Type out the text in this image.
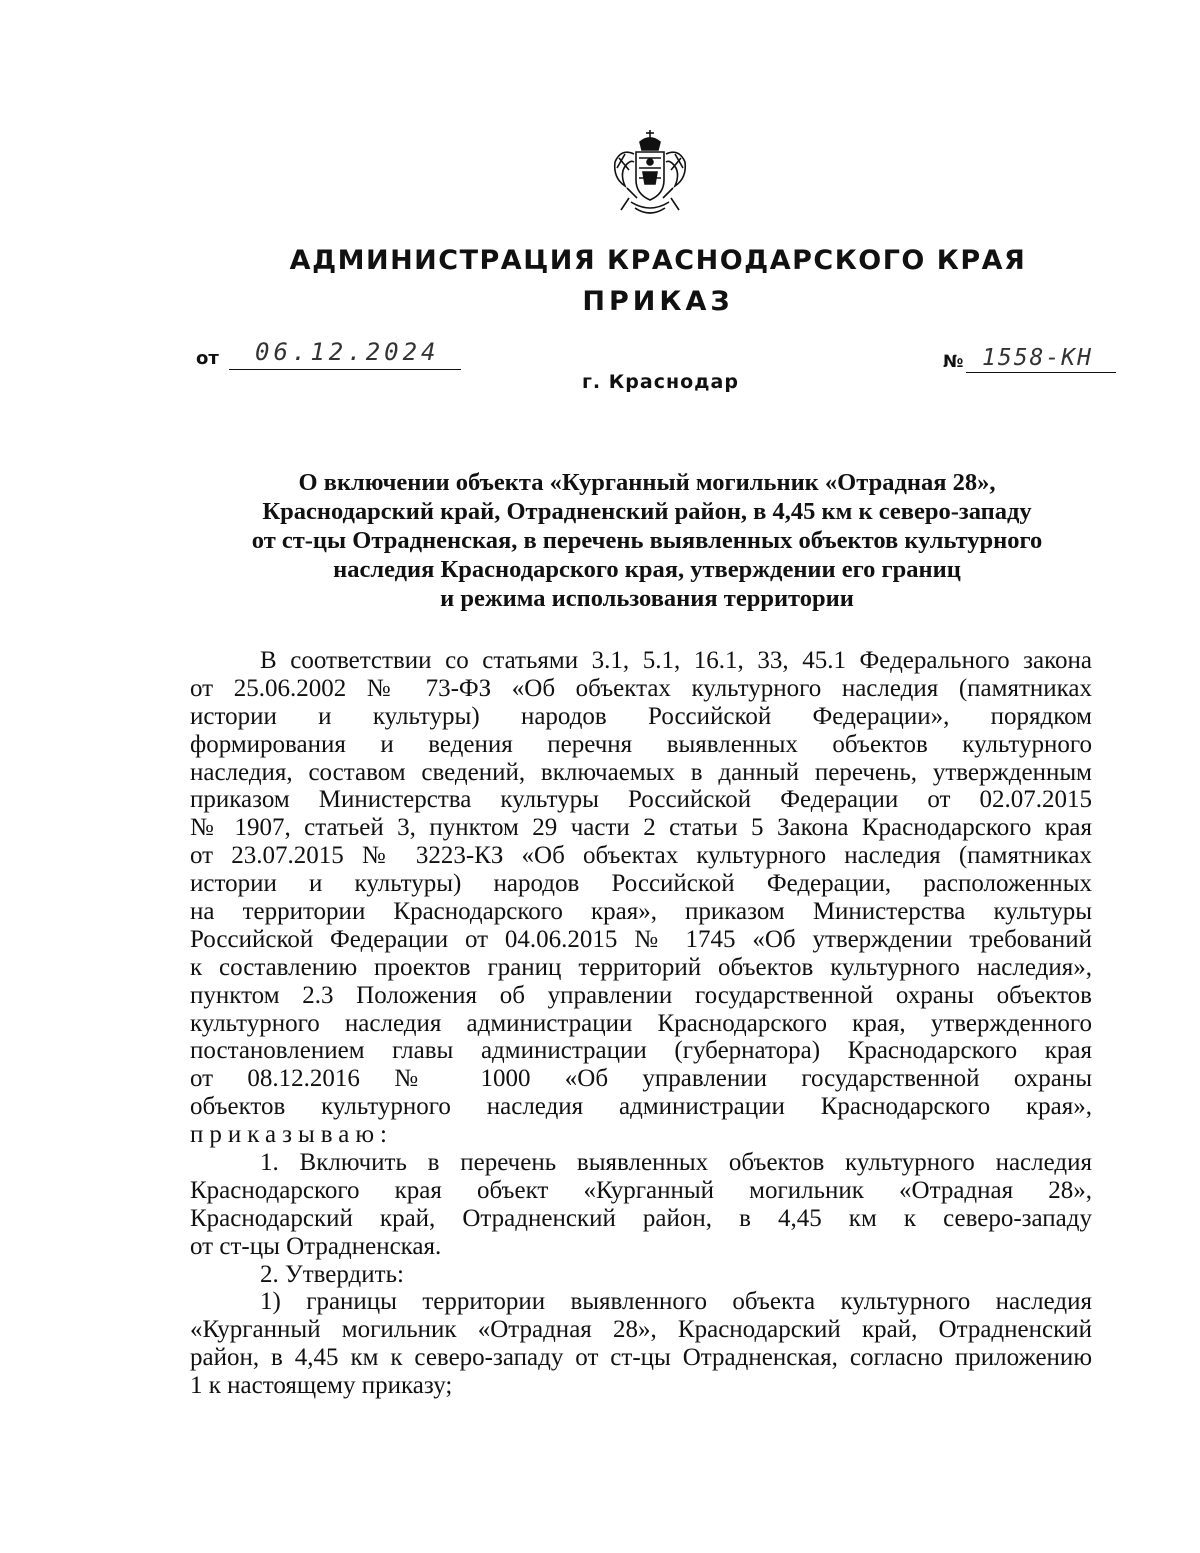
АДМИНИСТРАЦИЯ КРАСНОДАРСКОГО КРАЯ
ПРИКАЗ
от 06.12.2024	№ 1558-КН
г. Краснодар
О включении объекта «Курганный могильник «Отрадная 28»,
Краснодарский край, Отрадненский район, в 4,45 км к северо-западу
от ст-цы Отрадненская, в перечень выявленных объектов культурного
наследия Краснодарского края, утверждении его границ
и режима использования территории
В соответствии со статьями 3.1, 5.1, 16.1, 33, 45.1 Федерального закона
от 25.06.2002 № 73-ФЗ «Об объектах культурного наследия (памятниках
истории и культуры) народов Российской Федерации», порядком
формирования и ведения перечня выявленных объектов культурного
наследия, составом сведений, включаемых в данный перечень, утвержденным
приказом Министерства культуры Российской Федерации от 02.07.2015
№ 1907, статьей 3, пунктом 29 части 2 статьи 5 Закона Краснодарского края
от 23.07.2015 № 3223-КЗ «Об объектах культурного наследия (памятниках
истории и культуры) народов Российской Федерации, расположенных
на территории Краснодарского края», приказом Министерства культуры
Российской Федерации от 04.06.2015 № 1745 «Об утверждении требований
к составлению проектов границ территорий объектов культурного наследия»,
пунктом 2.3 Положения об управлении государственной охраны объектов
культурного наследия администрации Краснодарского края, утвержденного
постановлением главы администрации (губернатора) Краснодарского края
от 08.12.2016 № 1000 «Об управлении государственной охраны
объектов культурного наследия администрации Краснодарского края»,
приказываю:
1. Включить в перечень выявленных объектов культурного наследия
Краснодарского края объект «Курганный могильник «Отрадная 28»,
Краснодарский край, Отрадненский район, в 4,45 км к северо-западу
от ст-цы Отрадненская.
2. Утвердить:
1) границы территории выявленного объекта культурного наследия
«Курганный могильник «Отрадная 28», Краснодарский край, Отрадненский
район, в 4,45 км к северо-западу от ст-цы Отрадненская, согласно приложению
1 к настоящему приказу;
